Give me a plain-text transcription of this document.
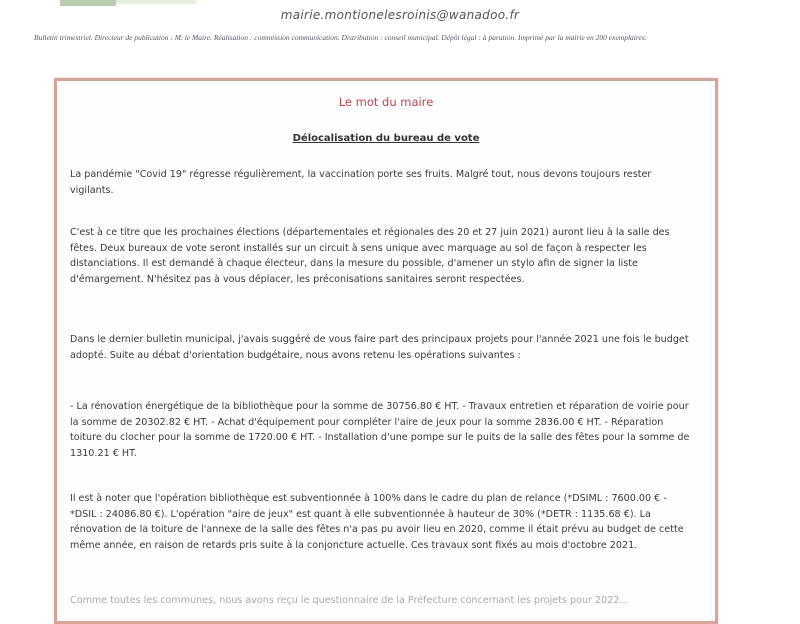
mairie.montionelesroinis@wanadoo.fr
Bulletin trimestriel. Directeur de publication : M. le Maire. Réalisation : commission communication. Distribution : conseil municipal. Dépôt légal : à parution. Imprimé par la mairie en 200 exemplaires.
Le mot du maire
Délocalisation du bureau de vote
La pandémie "Covid 19" régresse régulièrement, la vaccination porte ses fruits. Malgré tout, nous devons toujours rester vigilants.
C'est à ce titre que les prochaines élections (départementales et régionales des 20 et 27 juin 2021) auront lieu à la salle des fêtes. Deux bureaux de vote seront installés sur un circuit à sens unique avec marquage au sol de façon à respecter les distanciations. Il est demandé à chaque électeur, dans la mesure du possible, d'amener un stylo afin de signer la liste d'émargement. N'hésitez pas à vous déplacer, les préconisations sanitaires seront respectées.
Dans le dernier bulletin municipal, j'avais suggéré de vous faire part des principaux projets pour l'année 2021 une fois le budget adopté. Suite au débat d'orientation budgétaire, nous avons retenu les opérations suivantes :
- La rénovation énergétique de la bibliothèque pour la somme de 30756.80 € HT. - Travaux entretien et réparation de voirie pour la somme de 20302.82 € HT. - Achat d'équipement pour compléter l'aire de jeux pour la somme 2836.00 € HT. - Réparation toiture du clocher pour la somme de 1720.00 € HT. - Installation d'une pompe sur le puits de la salle des fêtes pour la somme de 1310.21 € HT.
Il est à noter que l'opération bibliothèque est subventionnée à 100% dans le cadre du plan de relance (*DSIML : 7600.00 € - *DSIL : 24086.80 €). L'opération "aire de jeux" est quant à elle subventionnée à hauteur de 30% (*DETR : 1135.68 €). La rénovation de la toiture de l'annexe de la salle des fêtes n'a pas pu avoir lieu en 2020, comme il était prévu au budget de cette même année, en raison de retards pris suite à la conjoncture actuelle. Ces travaux sont fixés au mois d'octobre 2021.
Comme toutes les communes, nous avons reçu le questionnaire de la Préfecture concernant les projets pour 2022...
